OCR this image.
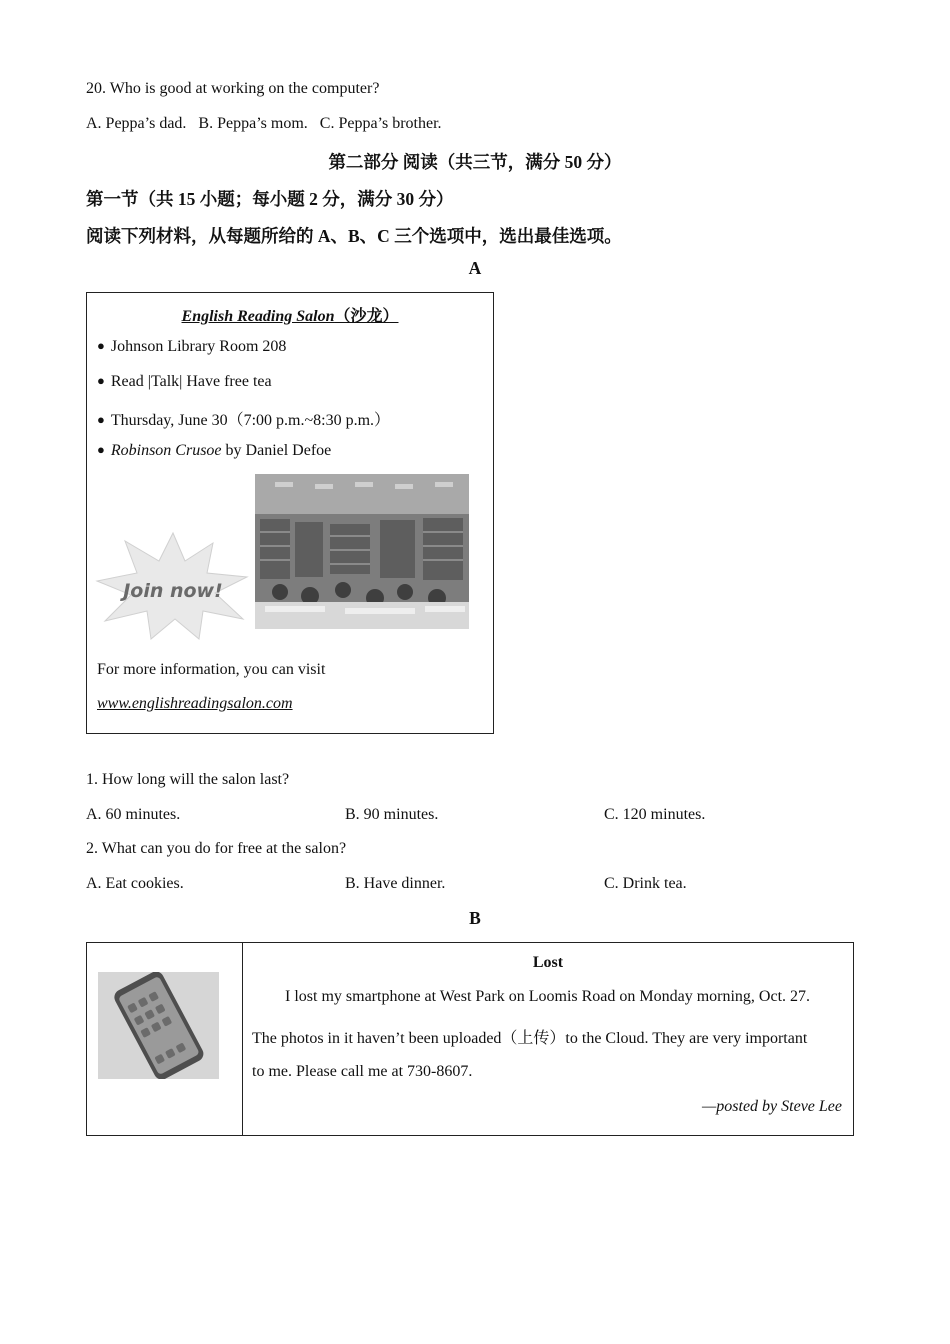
20. Who is good at working on the computer?
A. Peppa’s dad.   B. Peppa’s mom.   C. Peppa’s brother.
第二部分 阅读（共三节，满分 50 分）
第一节（共 15 小题；每小题 2 分，满分 30 分）
阅读下列材料，从每题所给的 A、B、C 三个选项中，选出最佳选项。
A
English Reading Salon（沙龙）
● Johnson Library Room 208
● Read |Talk| Have free tea
● Thursday, June 30（7:00 p.m.~8:30 p.m.）
● Robinson Crusoe by Daniel Defoe
Join now!
For more information, you can visit
www.englishreadingsalon.com
1. How long will the salon last?
A. 60 minutes.	B. 90 minutes.	C. 120 minutes.
2. What can you do for free at the salon?
A. Eat cookies.	B. Have dinner.	C. Drink tea.
B
Lost
I lost my smartphone at West Park on Loomis Road on Monday morning, Oct. 27.
The photos in it haven’t been uploaded（上传）to the Cloud. They are very important
to me. Please call me at 730-8607.
—posted by Steve Lee
